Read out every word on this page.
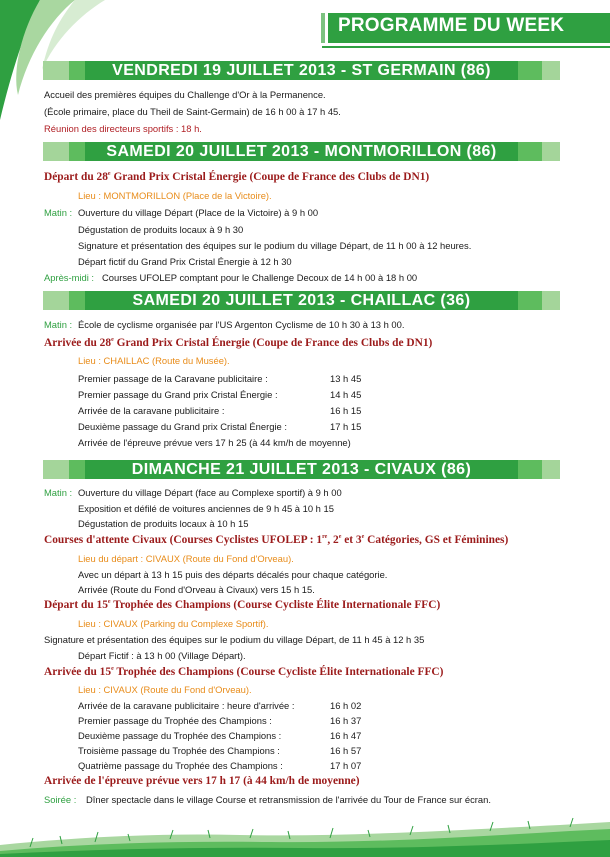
PROGRAMME DU WEEK
VENDREDI 19 JUILLET 2013 - ST GERMAIN (86)
Accueil des premières équipes du Challenge d'Or à la Permanence.
(École primaire, place du Theil de Saint-Germain) de 16 h 00 à 17 h 45.
Réunion des directeurs sportifs : 18 h.
SAMEDI 20 JUILLET 2013 - MONTMORILLON (86)
Départ du 28e Grand Prix Cristal Énergie (Coupe de France des Clubs de DN1)
Lieu : MONTMORILLON (Place de la Victoire).
Matin : Ouverture du village Départ (Place de la Victoire) à 9 h 00
Dégustation de produits locaux à 9 h 30
Signature et présentation des équipes sur le podium du village Départ, de 11 h 00 à 12 heures.
Départ fictif du Grand Prix Cristal Énergie à 12 h 30
Après-midi : Courses UFOLEP comptant pour le Challenge Decoux de 14 h 00 à 18 h 00
SAMEDI 20 JUILLET 2013 - CHAILLAC (36)
Matin : École de cyclisme organisée par l'US Argenton Cyclisme de 10 h 30 à 13 h 00.
Arrivée du 28e Grand Prix Cristal Énergie (Coupe de France des Clubs de DN1)
Lieu : CHAILLAC (Route du Musée).
Premier passage de la Caravane publicitaire :	13 h 45
Premier passage du Grand prix Cristal Énergie :	14 h 45
Arrivée de la caravane publicitaire :	16 h 15
Deuxième passage du Grand prix Cristal Énergie :	17 h 15
Arrivée de l'épreuve prévue vers 17 h 25 (à 44 km/h de moyenne)
DIMANCHE 21 JUILLET 2013 - CIVAUX (86)
Matin : Ouverture du village Départ (face au Complexe sportif) à 9 h 00
Exposition et défilé de voitures anciennes de 9 h 45 à 10 h 15
Dégustation de produits locaux à 10 h 15
Courses d'attente Civaux (Courses Cyclistes UFOLEP : 1re, 2e et 3e Catégories, GS et Féminines)
Lieu du départ : CIVAUX (Route du Fond d'Orveau).
Avec un départ à 13 h 15 puis des départs décalés pour chaque catégorie.
Arrivée (Route du Fond d'Orveau à Civaux) vers 15 h 15.
Départ du 15e Trophée des Champions (Course Cycliste Élite Internationale FFC)
Lieu : CIVAUX (Parking du Complexe Sportif).
Signature et présentation des équipes sur le podium du village Départ, de 11 h 45 à 12 h 35
Départ Fictif : à 13 h 00 (Village Départ).
Arrivée du 15e Trophée des Champions (Course Cycliste Élite Internationale FFC)
Lieu : CIVAUX (Route du Fond d'Orveau).
Arrivée de la caravane publicitaire : heure d'arrivée :	16 h 02
Premier passage du Trophée des Champions :	16 h 37
Deuxième passage du Trophée des Champions :	16 h 47
Troisième passage du Trophée des Champions :	16 h 57
Quatrième passage du Trophée des Champions :	17 h 07
Arrivée de l'épreuve prévue vers 17 h 17 (à 44 km/h de moyenne)
Soirée : Dîner spectacle dans le village Course et retransmission de l'arrivée du Tour de France sur écran.
